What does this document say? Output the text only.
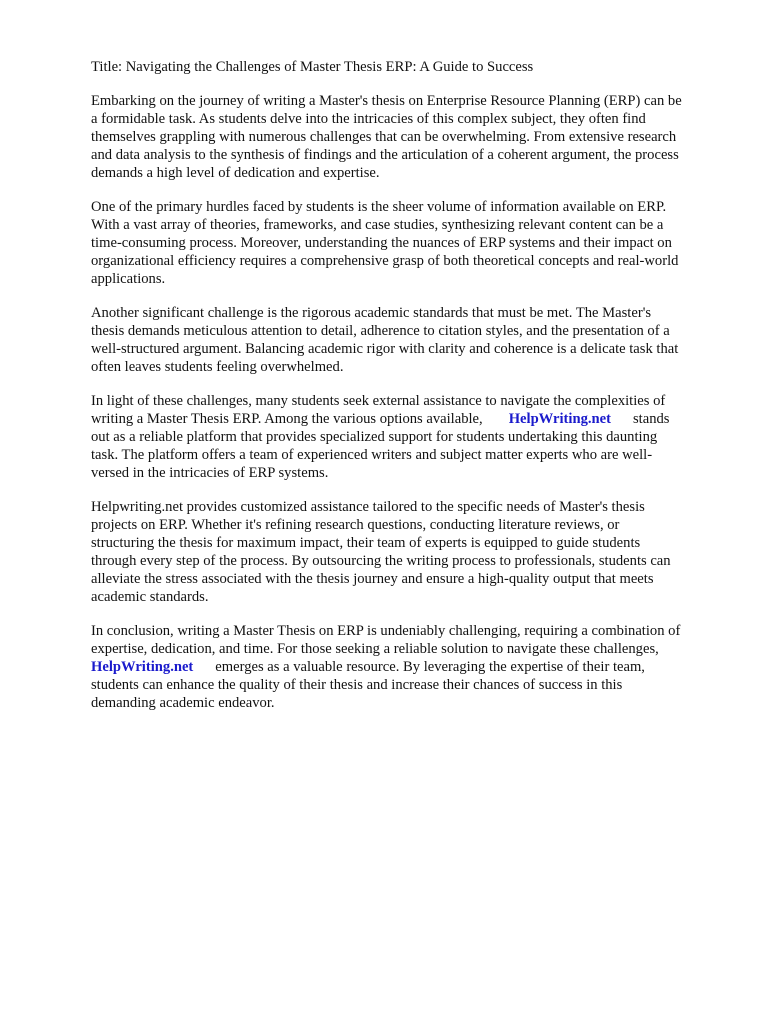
Title: Navigating the Challenges of Master Thesis ERP: A Guide to Success
Embarking on the journey of writing a Master's thesis on Enterprise Resource Planning (ERP) can be
a formidable task. As students delve into the intricacies of this complex subject, they often find
themselves grappling with numerous challenges that can be overwhelming. From extensive research
and data analysis to the synthesis of findings and the articulation of a coherent argument, the process
demands a high level of dedication and expertise.
One of the primary hurdles faced by students is the sheer volume of information available on ERP.
With a vast array of theories, frameworks, and case studies, synthesizing relevant content can be a
time-consuming process. Moreover, understanding the nuances of ERP systems and their impact on
organizational efficiency requires a comprehensive grasp of both theoretical concepts and real-world
applications.
Another significant challenge is the rigorous academic standards that must be met. The Master's
thesis demands meticulous attention to detail, adherence to citation styles, and the presentation of a
well-structured argument. Balancing academic rigor with clarity and coherence is a delicate task that
often leaves students feeling overwhelmed.
In light of these challenges, many students seek external assistance to navigate the complexities of
writing a Master Thesis ERP. Among the various options available, HelpWriting.net stands
out as a reliable platform that provides specialized support for students undertaking this daunting
task. The platform offers a team of experienced writers and subject matter experts who are well-
versed in the intricacies of ERP systems.
Helpwriting.net provides customized assistance tailored to the specific needs of Master's thesis
projects on ERP. Whether it's refining research questions, conducting literature reviews, or
structuring the thesis for maximum impact, their team of experts is equipped to guide students
through every step of the process. By outsourcing the writing process to professionals, students can
alleviate the stress associated with the thesis journey and ensure a high-quality output that meets
academic standards.
In conclusion, writing a Master Thesis on ERP is undeniably challenging, requiring a combination of
expertise, dedication, and time. For those seeking a reliable solution to navigate these challenges,
HelpWriting.net emerges as a valuable resource. By leveraging the expertise of their team,
students can enhance the quality of their thesis and increase their chances of success in this
demanding academic endeavor.
